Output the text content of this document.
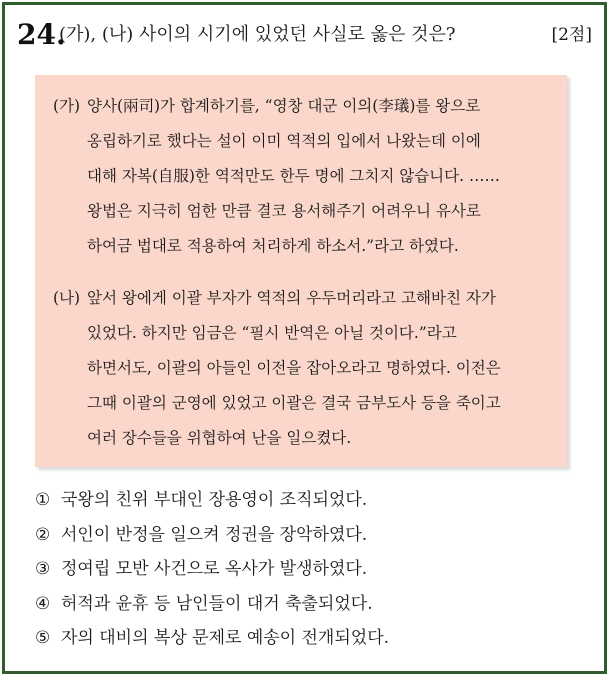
24.
(가), (나) 사이의 시기에 있었던 사실로 옳은 것은?	[2점]
(가) 양사(兩司)가 합계하기를, “영창 대군 이의(李㼁)를 왕으로
옹립하기로 했다는 설이 이미 역적의 입에서 나왔는데 이에
대해 자복(自服)한 역적만도 한두 명에 그치지 않습니다. ……
왕법은 지극히 엄한 만큼 결코 용서해주기 어려우니 유사로
하여금 법대로 적용하여 처리하게 하소서.”라고 하였다.
(나) 앞서 왕에게 이괄 부자가 역적의 우두머리라고 고해바친 자가
있었다. 하지만 임금은 “필시 반역은 아닐 것이다.”라고
하면서도, 이괄의 아들인 이전을 잡아오라고 명하였다. 이전은
그때 이괄의 군영에 있었고 이괄은 결국 금부도사 등을 죽이고
여러 장수들을 위협하여 난을 일으켰다.
① 국왕의 친위 부대인 장용영이 조직되었다.
② 서인이 반정을 일으켜 정권을 장악하였다.
③ 정여립 모반 사건으로 옥사가 발생하였다.
④ 허적과 윤휴 등 남인들이 대거 축출되었다.
⑤ 자의 대비의 복상 문제로 예송이 전개되었다.
